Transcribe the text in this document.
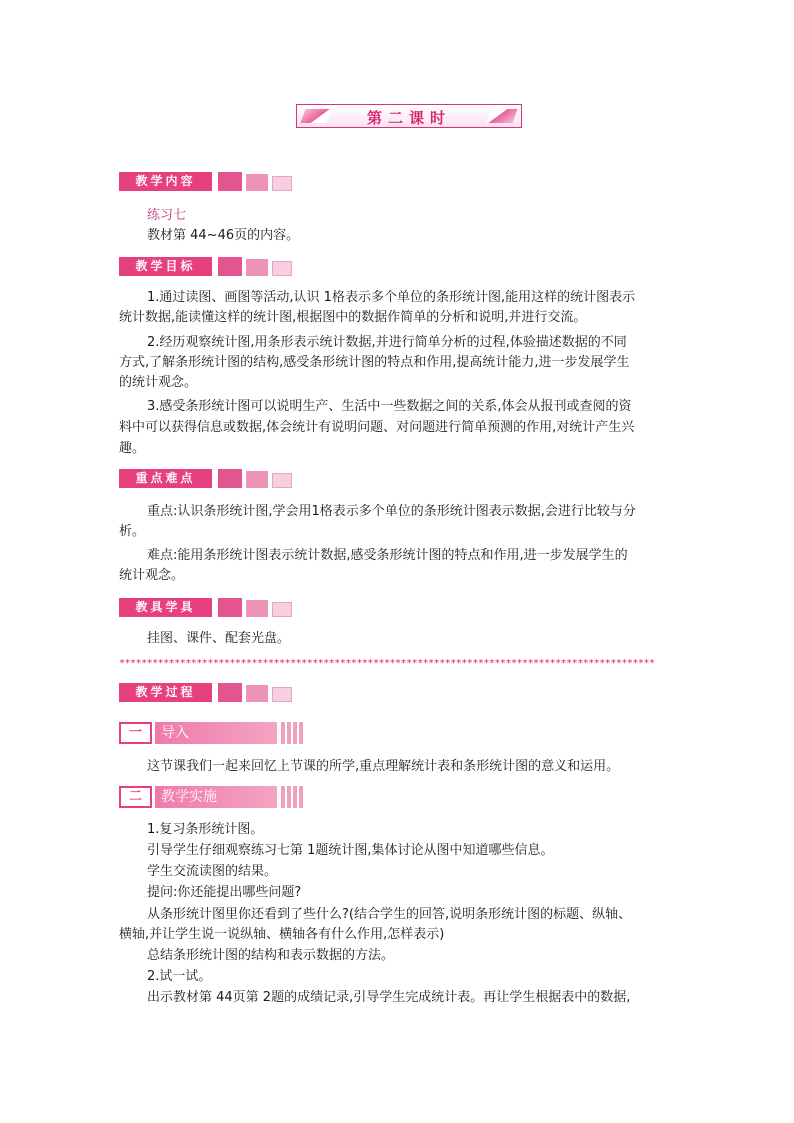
第二课时
教学内容
练习七
教材第 44~46页的内容。
教学目标
1.通过读图、画图等活动,认识 1格表示多个单位的条形统计图,能用这样的统计图表示
统计数据,能读懂这样的统计图,根据图中的数据作简单的分析和说明,并进行交流。
2.经历观察统计图,用条形表示统计数据,并进行简单分析的过程,体验描述数据的不同
方式,了解条形统计图的结构,感受条形统计图的特点和作用,提高统计能力,进一步发展学生
的统计观念。
3.感受条形统计图可以说明生产、生活中一些数据之间的关系,体会从报刊或查阅的资
料中可以获得信息或数据,体会统计有说明问题、对问题进行简单预测的作用,对统计产生兴
趣。
重点难点
重点:认识条形统计图,学会用1格表示多个单位的条形统计图表示数据,会进行比较与分
析。
难点:能用条形统计图表示统计数据,感受条形统计图的特点和作用,进一步发展学生的
统计观念。
教具学具
挂图、课件、配套光盘。
*************************************************************************************************
教学过程
一	导入
这节课我们一起来回忆上节课的所学,重点理解统计表和条形统计图的意义和运用。
二	教学实施
1.复习条形统计图。
引导学生仔细观察练习七第 1题统计图,集体讨论从图中知道哪些信息。
学生交流读图的结果。
提问:你还能提出哪些问题?
从条形统计图里你还看到了些什么?(结合学生的回答,说明条形统计图的标题、纵轴、
横轴,并让学生说一说纵轴、横轴各有什么作用,怎样表示)
总结条形统计图的结构和表示数据的方法。
2.试一试。
出示教材第 44页第 2题的成绩记录,引导学生完成统计表。再让学生根据表中的数据,
